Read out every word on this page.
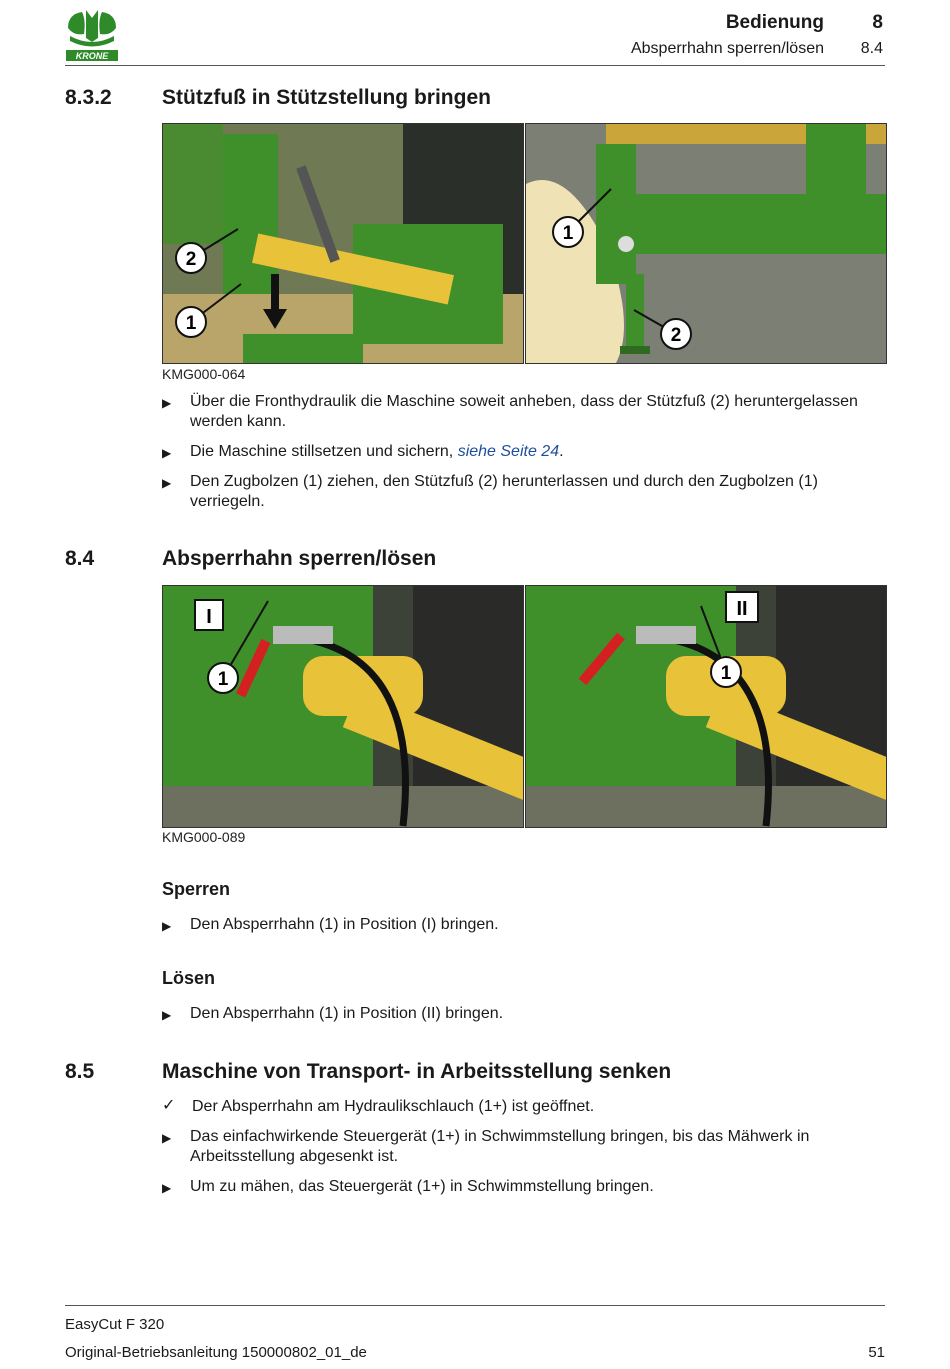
KRONE
Bedienung	8
Absperrhahn sperren/lösen 8.4
8.3.2 Stützfuß in Stützstellung bringen
2
1
1
2
KMG000-064
▶ Über die Fronthydraulik die Maschine soweit anheben, dass der Stützfuß (2) heruntergelassen werden kann.
▶ Die Maschine stillsetzen und sichern, siehe Seite 24.
▶ Den Zugbolzen (1) ziehen, den Stützfuß (2) herunterlassen und durch den Zugbolzen (1) verriegeln.
8.4	Absperrhahn sperren/lösen
I
1
II
1
KMG000-089
Sperren
▶ Den Absperrhahn (1) in Position (I) bringen.
Lösen
▶ Den Absperrhahn (1) in Position (II) bringen.
8.5	Maschine von Transport- in Arbeitsstellung senken
✓ Der Absperrhahn am Hydraulikschlauch (1+) ist geöffnet.
▶ Das einfachwirkende Steuergerät (1+) in Schwimmstellung bringen, bis das Mähwerk in Arbeitsstellung abgesenkt ist.
▶ Um zu mähen, das Steuergerät (1+) in Schwimmstellung bringen.
EasyCut F 320
Original-Betriebsanleitung 150000802_01_de	51
